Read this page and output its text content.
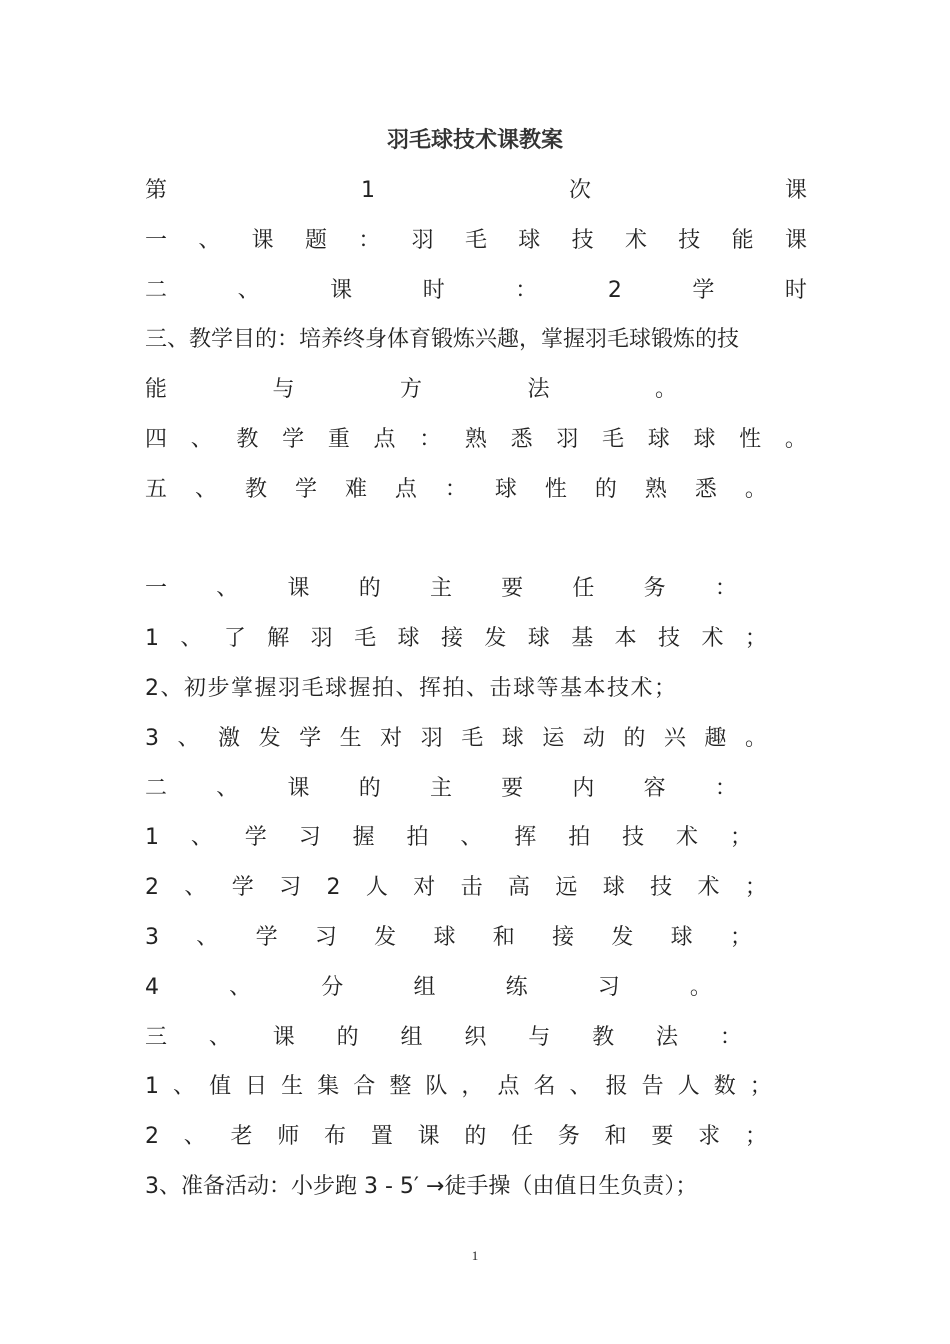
羽毛球技术课教案
第	1	次	课
一 、 课 题 ： 羽 毛 球 技 术 技 能 课
二	、	课	时	：	2	学	时
三、教学目的：培养终身体育锻炼兴趣，掌握羽毛球锻炼的技
能	与	方	法	。
四 、 教 学 重 点 ： 熟 悉 羽 毛 球 球 性 。
五 、 教 学 难 点 ： 球 性 的 熟 悉 。
一 、 课 的 主 要 任 务 ：
1 、 了 解 羽 毛 球 接 发 球 基 本 技 术 ；
2、初步掌握羽毛球握拍、挥拍、击球等基本技术；
3 、 激 发 学 生 对 羽 毛 球 运 动 的 兴 趣 。
二 、 课 的 主 要 内 容 ：
1 、 学 习 握 拍 、 挥 拍 技 术 ；
2 、 学 习 2 人 对 击 高 远 球 技 术 ；
3 、 学 习 发 球 和 接 发 球 ；
4	、	分	组	练	习	。
三 、 课 的 组 织 与 教 法 ：
1 、 值 日 生 集 合 整 队 ， 点 名 、 报 告 人 数 ；
2 、 老 师 布 置 课 的 任 务 和 要 求 ；
3、准备活动：小步跑 3 - 5′ →徒手操（由值日生负责）；
1
